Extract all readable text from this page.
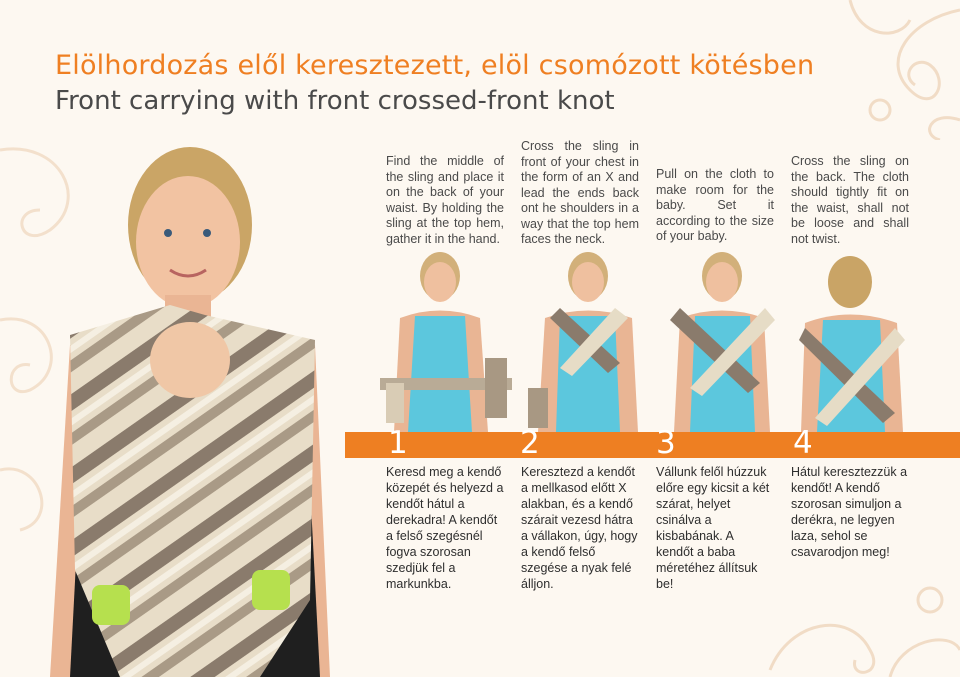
Elölhordozás elől keresztezett, elöl csomózott kötésben
Front carrying with front crossed-front knot
Find the middle of the sling and place it on the back of your waist. By holding the sling at the top hem, gather it in the hand.
Cross the sling in front of your chest in the form of an X and lead the ends back ont he shoulders in a way that the top hem faces the neck.
Pull on the cloth to make room for the baby. Set it according to the size of your baby.
Cross the sling on the back. The cloth should tightly fit on the waist, shall not be loose and shall not twist.
1	2	3	4
Keresd meg a kendő közepét és helyezd a kendőt hátul a derekadra! A kendőt a felső szegésnél fogva szorosan szedjük fel a markunkba.
Keresztezd a kendőt a mellkasod előtt X alakban, és a kendő szárait vezesd hátra a vállakon, úgy, hogy a kendő felső szegése a nyak felé álljon.
Vállunk felől húzzuk előre egy kicsit a két szárat, helyet csinálva a kisbabának. A kendőt a baba méretéhez állítsuk be!
Hátul keresztezzük a kendőt! A kendő szorosan simuljon a derékra, ne legyen laza, sehol se csavarodjon meg!
